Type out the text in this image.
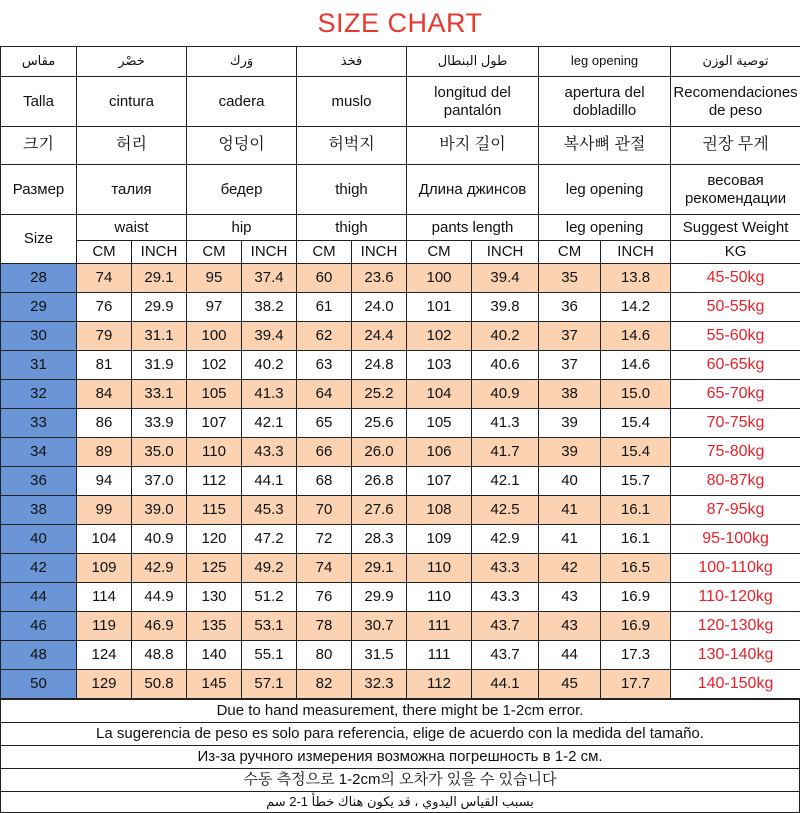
SIZE CHART
مقاس	خصْر		وَرك		فخذ		طول البنطال		leg opening		توصية الوزن
Talla	cintura		cadera		muslo		longitud del pantalón		apertura del dobladillo		Recomendaciones de peso
크기	허리		엉덩이		허벅지		바지 길이		복사뼈 관절		권장 무게
Размер	талия		бедер		thigh		Длина джинсов		leg opening		весовая рекомендации
Size	waist		hip		thigh		pants length		leg opening		Suggest Weight
	CM	INCH	CM	INCH	CM	INCH	CM	INCH	CM	INCH	KG
28	74	29.1	95	37.4	60	23.6	100	39.4	35	13.8	45-50kg
29	76	29.9	97	38.2	61	24.0	101	39.8	36	14.2	50-55kg
30	79	31.1	100	39.4	62	24.4	102	40.2	37	14.6	55-60kg
31	81	31.9	102	40.2	63	24.8	103	40.6	37	14.6	60-65kg
32	84	33.1	105	41.3	64	25.2	104	40.9	38	15.0	65-70kg
33	86	33.9	107	42.1	65	25.6	105	41.3	39	15.4	70-75kg
34	89	35.0	110	43.3	66	26.0	106	41.7	39	15.4	75-80kg
36	94	37.0	112	44.1	68	26.8	107	42.1	40	15.7	80-87kg
38	99	39.0	115	45.3	70	27.6	108	42.5	41	16.1	87-95kg
40	104	40.9	120	47.2	72	28.3	109	42.9	41	16.1	95-100kg
42	109	42.9	125	49.2	74	29.1	110	43.3	42	16.5	100-110kg
44	114	44.9	130	51.2	76	29.9	110	43.3	43	16.9	110-120kg
46	119	46.9	135	53.1	78	30.7	111	43.7	43	16.9	120-130kg
48	124	48.8	140	55.1	80	31.5	111	43.7	44	17.3	130-140kg
50	129	50.8	145	57.1	82	32.3	112	44.1	45	17.7	140-150kg
Due to hand measurement, there might be 1-2cm error.
La sugerencia de peso es solo para referencia, elige de acuerdo con la medida del tamaño.
Из-за ручного измерения возможна погрешность в 1-2 см.
수동 측정으로 1-2cm의 오차가 있을 수 있습니다
بسبب القياس اليدوي ، قد يكون هناك خطأ 1-2 سم
